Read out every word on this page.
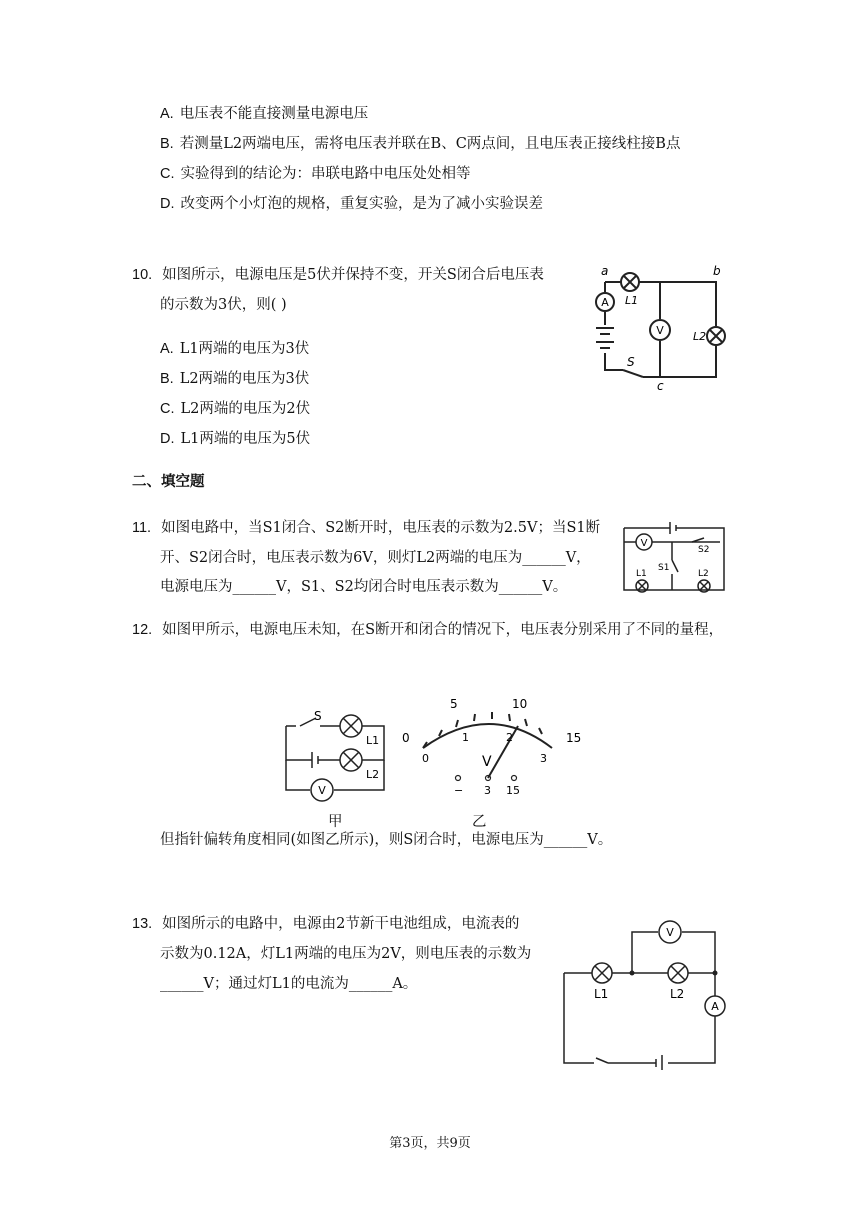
A. 电压表不能直接测量电源电压
B. 若测量L2两端电压，需将电压表并联在B、C两点间，且电压表正接线柱接B点
C. 实验得到的结论为：串联电路中电压处处相等
D. 改变两个小灯泡的规格，重复实验，是为了减小实验误差
10. 如图所示，电源电压是5伏并保持不变，开关S闭合后电压表
的示数为3伏，则( )
A. L1两端的电压为3伏
B. L2两端的电压为3伏
C. L2两端的电压为2伏
D. L1两端的电压为5伏
A
V
a	b
c
L1
L2
S
二、填空题
11. 如图电路中，当S1闭合、S2断开时，电压表的示数为2.5V；当S1断
开、S2闭合时，电压表示数为6V，则灯L2两端的电压为______V，
电源电压为______V，S1、S2均闭合时电压表示数为______V。
V
S1
S2
L1	L2
12. 如图甲所示，电源电压未知，在S断开和闭合的情况下，电压表分别采用了不同的量程，
S
L1
L2
V
甲
0
5	10
15
0
1	2
3
V
− 3 15
乙
但指针偏转角度相同(如图乙所示)，则S闭合时，电源电压为______V。
13. 如图所示的电路中，电源由2节新干电池组成，电流表的
示数为0.12A，灯L1两端的电压为2V，则电压表的示数为
______V；通过灯L1的电流为______A。
V
A
L1	L2
第3页，共9页
